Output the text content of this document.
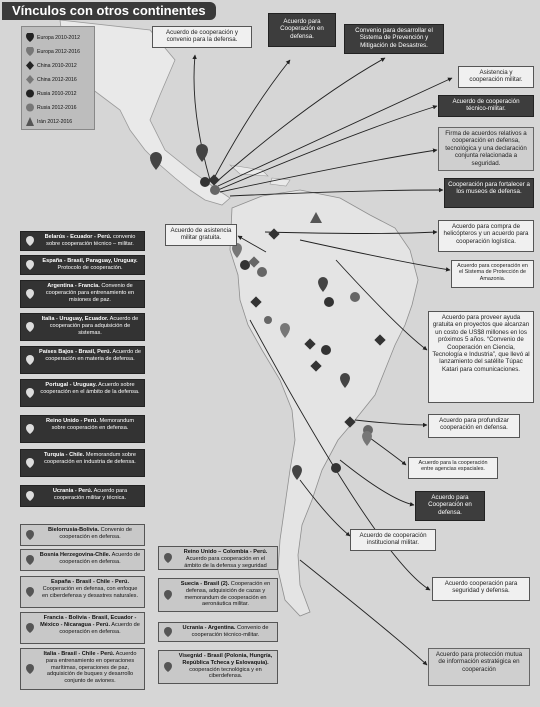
Vínculos con otros continentes
Europa 2010-2012
Europa 2012-2016
China 2010-2012
China 2012-2016
Rusia 2010-2012
Rusia 2012-2016
Irán 2012-2016
Acuerdo de cooperación y convenio para la defensa.
Acuerdo para Cooperación en defensa.
Convenio para desarrollar el Sistema de Prevención y Mitigación de Desastres.
Asistencia y cooperación militar.
Acuerdo de cooperación técnico-militar.
Firma de acuerdos relativos a cooperación en defensa, tecnológica y una declaración conjunta relacionada a seguridad.
Cooperación para fortalecer a los museos de defensa.
Acuerdo de asistencia militar gratuita.
Acuerdo para compra de helicópteros y un acuerdo para cooperación logística.
Acuerdo para cooperación en el Sistema de Protección de Amazonia.
Acuerdo para proveer ayuda gratuita en proyectos que alcanzan un costo de US$8 millones en los próximos 5 años. “Convenio de Cooperación en Ciencia, Tecnología e Industria”, que llevó al lanzamiento del satélite Túpac Katari para comunicaciones.
Acuerdo para profundizar cooperación en defensa.
Acuerdo para la cooperación entre agencias espaciales.
Acuerdo para Cooperación en defensa.
Acuerdo de cooperación institucional militar.
Acuerdo cooperación para seguridad y defensa.
Acuerdo para protección mutua de información estratégica en cooperación
Belarús - Ecuador - Perú. convenio sobre cooperación técnico – militar.
España - Brasil, Paraguay, Uruguay. Protocolo de cooperación.
Argentina - Francia. Convenio de cooperación para entrenamiento en misiones de paz.
Italia - Uruguay, Ecuador. Acuerdo de cooperación para adquisición de sistemas.
Países Bajos - Brasil, Perú. Acuerdo de cooperación en materia de defensa.
Portugal - Uruguay. Acuerdo sobre cooperación en el ámbito de la defensa.
Reino Unido - Perú. Memorandum sobre cooperación en defensa.
Turquía - Chile. Memorandum sobre cooperación en industria de defensa.
Ucrania - Perú. Acuerdo para cooperación militar y técnica.
Bielorrusia-Bolivia. Convenio de cooperación en defensa.
Bosnia Herzegovina-Chile. Acuerdo de cooperación en defensa.
España - Brasil - Chile - Perú. Cooperación en defensa, con enfoque en ciberdefensa y desastres naturales.
Francia - Bolivia - Brasil, Ecuador - México - Nicaragua - Perú. Acuerdo de cooperación en defensa.
Italia - Brasil - Chile - Perú. Acuerdo para entrenamiento en operaciones marítimas, operaciones de paz, adquisición de buques y desarrollo conjunto de aviones.
Reino Unido – Colombia - Perú. Acuerdo para cooperación en el ámbito de la defensa y seguridad
Suecia - Brasil (2). Cooperación en defensa, adquisición de cazas y memorandum de cooperación en aeronáutica militar.
Ucrania - Argentina. Convenio de cooperación técnico-militar.
Visegrád - Brasil (Polonia, Hungría, República Tcheca y Eslovaquia). cooperación tecnológica y en ciberdefensa.
